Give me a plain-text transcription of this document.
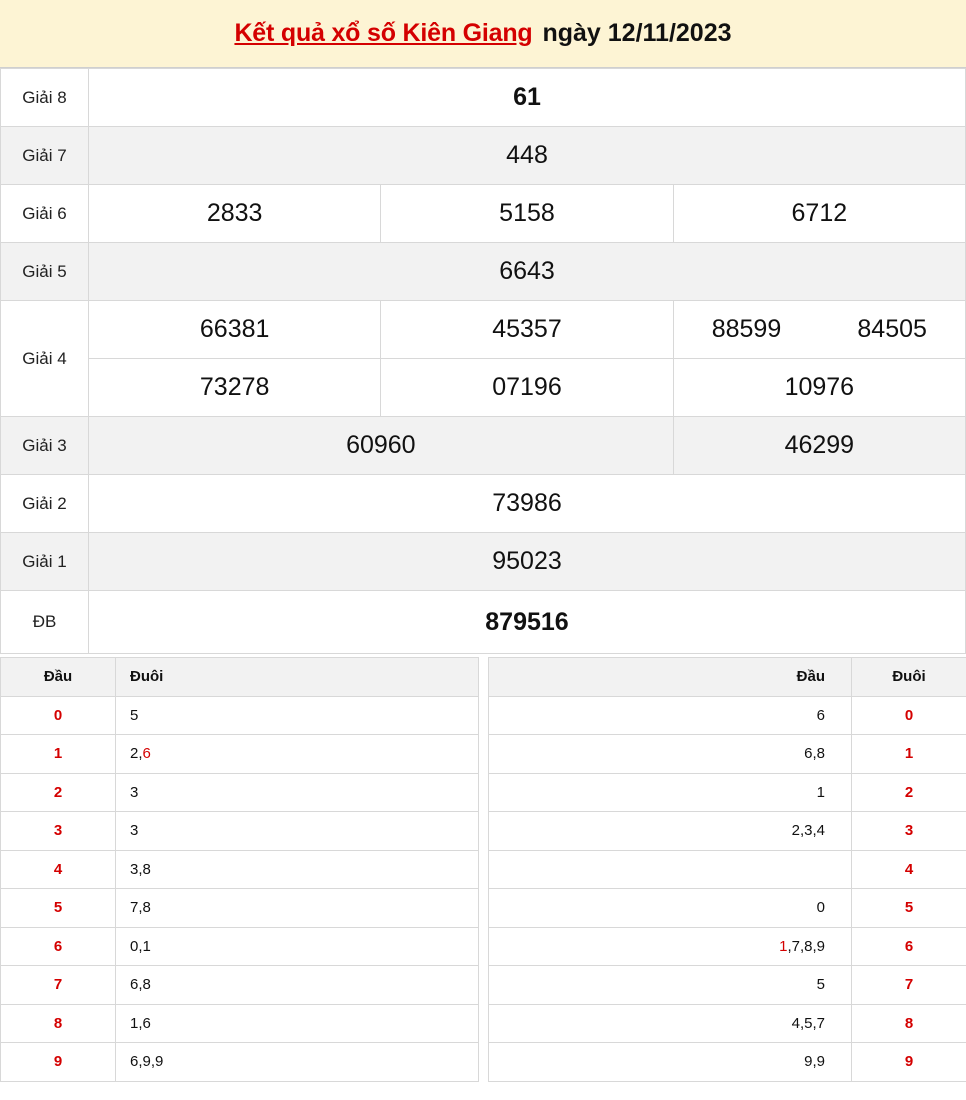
Kết quả xổ số Kiên Giang ngày 12/11/2023
Giải 8	61		
Giải 7	448		
Giải 6	2833	5158	6712
Giải 5	6643		
Giải 4	66381	45357	88599 84505
	73278	07196	10976
Giải 3	60960		46299
Giải 2	73986		
Giải 1	95023		
ĐB	879516		
Đầu	Đuôi
0	5
1	2,6
2	3
3	3
4	3,8
5	7,8
6	0,1
7	6,8
8	1,6
9	6,9,9
Đầu	Đuôi
6	0
6,8	1
1	2
2,3,4	3
	4
0	5
1,7,8,9	6
5	7
4,5,7	8
9,9	9
